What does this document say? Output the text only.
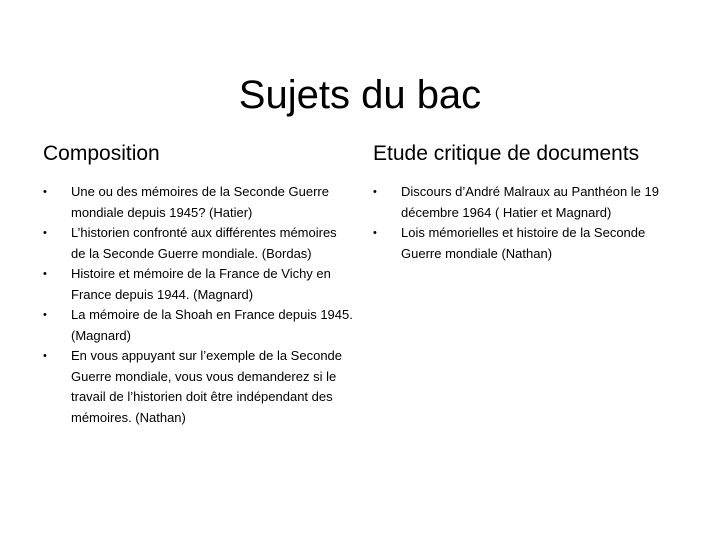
Sujets du bac
Composition
• Une ou des mémoires de la Seconde Guerre mondiale depuis 1945? (Hatier)
• L’historien confronté aux différentes mémoires de la Seconde Guerre mondiale. (Bordas)
• Histoire et mémoire de la France de Vichy en France depuis 1944. (Magnard)
• La mémoire de la Shoah en France depuis 1945. (Magnard)
• En vous appuyant sur l’exemple de la Seconde Guerre mondiale, vous vous demanderez si le travail de l’historien doit être indépendant des mémoires. (Nathan)
Etude critique de documents
• Discours d’André Malraux au Panthéon le 19 décembre 1964 ( Hatier et Magnard)
• Lois mémorielles et histoire de la Seconde Guerre mondiale (Nathan)
